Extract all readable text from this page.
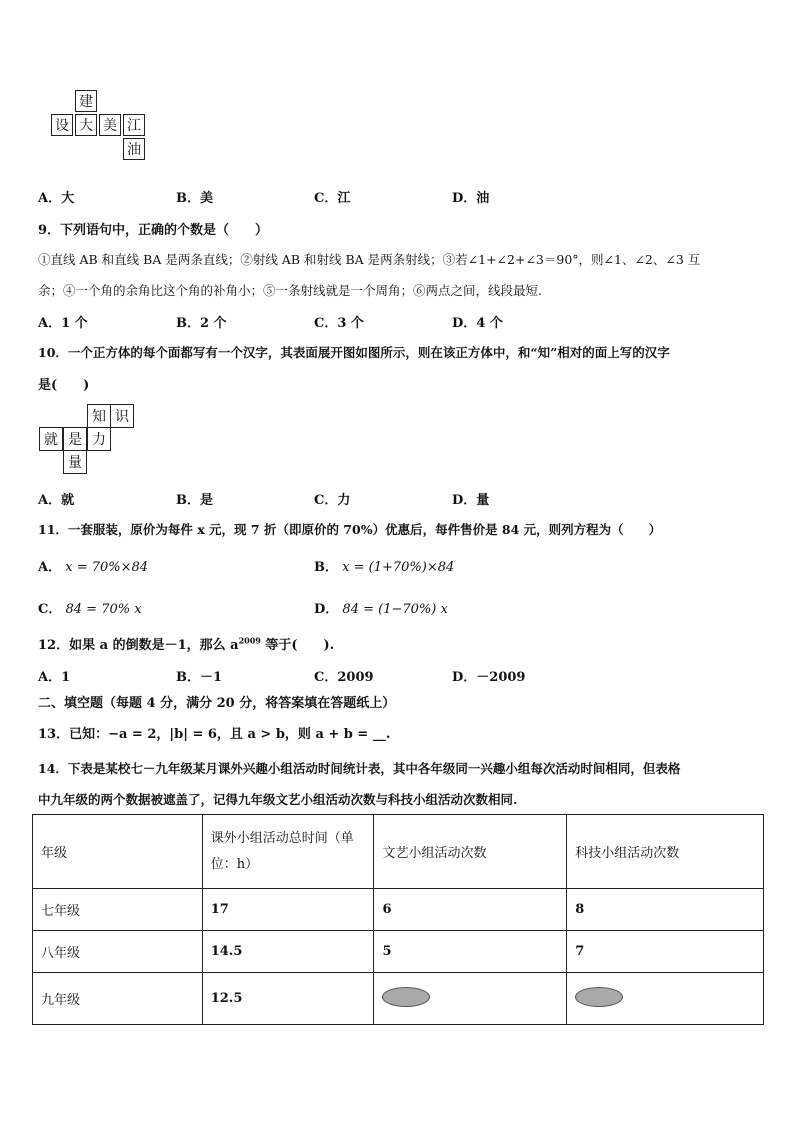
建
设 大 美 江
油
A．大	B．美	C．江	D．油
9．下列语句中，正确的个数是（　　）
①直线 AB 和直线 BA 是两条直线；②射线 AB 和射线 BA 是两条射线；③若∠1+∠2+∠3＝90°，则∠1、∠2、∠3 互
余；④一个角的余角比这个角的补角小；⑤一条射线就是一个周角；⑥两点之间，线段最短.
A．1 个	B．2 个	C．3 个	D．4 个
10．一个正方体的每个面都写有一个汉字，其表面展开图如图所示，则在该正方体中，和“知”相对的面上写的汉字
是(　　)
知 识
就 是 力
量
A．就	B．是	C．力	D．量
11．一套服装，原价为每件 x 元，现 7 折（即原价的 70%）优惠后，每件售价是 84 元，则列方程为（　　）
A． x = 70%×84	B． x = (1+70%)×84
C． 84 = 70% x	D． 84 = (1−70%) x
12．如果 a 的倒数是－1，那么 $a^{2009}$ 等于(　　).
A．1	B．－1	C．2009	D．－2009
二、填空题（每题 4 分，满分 20 分，将答案填在答题纸上）
13．已知：−a = 2，|b| = 6，且 a > b，则 a + b = __.
14．下表是某校七－九年级某月课外兴趣小组活动时间统计表，其中各年级同一兴趣小组每次活动时间相同，但表格
中九年级的两个数据被遮盖了，记得九年级文艺小组活动次数与科技小组活动次数相同.
年级	课外小组活动总时间（单
位：h）	文艺小组活动次数	科技小组活动次数
七年级	17	6	8
八年级	14.5	5	7
九年级	12.5		
